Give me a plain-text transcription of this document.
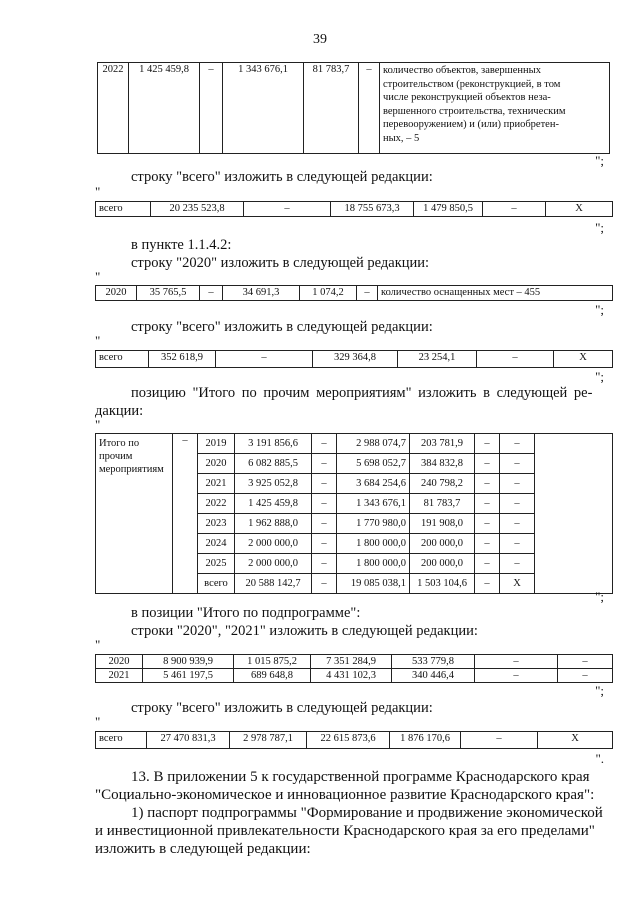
39
2022	1 425 459,8	–	1 343 676,1	81 783,7	–	количество объектов, завершенных
строительством (реконструкцией, в том
числе реконструкцией объектов неза-
вершенного строительства, техническим
перевооружением) и (или) приобретен-
ных, – 5
";
строку "всего" изложить в следующей редакции:
"
всего	20 235 523,8	–	18 755 673,3	1 479 850,5	–	Х
";
в пункте 1.1.4.2:
строку "2020" изложить в следующей редакции:
"
2020	35 765,5	–	34 691,3	1 074,2	–	количество оснащенных мест – 455
";
строку "всего" изложить в следующей редакции:
"
всего	352 618,9	–	329 364,8	23 254,1	–	Х
";
позицию "Итого по прочим мероприятиям" изложить в следующей ре-
дакции:
"
Итого по прочим мероприятиям	–	2019	3 191 856,6	–	2 988 074,7	203 781,9	–	–	
		2020	6 082 885,5	–	5 698 052,7	384 832,8	–	–	
		2021	3 925 052,8	–	3 684 254,6	240 798,2	–	–	
		2022	1 425 459,8	–	1 343 676,1	81 783,7	–	–	
		2023	1 962 888,0	–	1 770 980,0	191 908,0	–	–	
		2024	2 000 000,0	–	1 800 000,0	200 000,0	–	–	
		2025	2 000 000,0	–	1 800 000,0	200 000,0	–	–	
		всего	20 588 142,7	–	19 085 038,1	1 503 104,6	–	Х	
";
в позиции "Итого по подпрограмме":
строки "2020", "2021" изложить в следующей редакции:
"
2020	8 900 939,9	1 015 875,2	7 351 284,9	533 779,8	–	–
2021	5 461 197,5	689 648,8	4 431 102,3	340 446,4	–	–
";
строку "всего" изложить в следующей редакции:
"
всего	27 470 831,3	2 978 787,1	22 615 873,6	1 876 170,6	–	Х
".
13. В приложении 5 к государственной программе Краснодарского края
"Социально-экономическое и инновационное развитие Краснодарского края":
1) паспорт подпрограммы "Формирование и продвижение экономической
и инвестиционной привлекательности Краснодарского края за его пределами"
изложить в следующей редакции:
